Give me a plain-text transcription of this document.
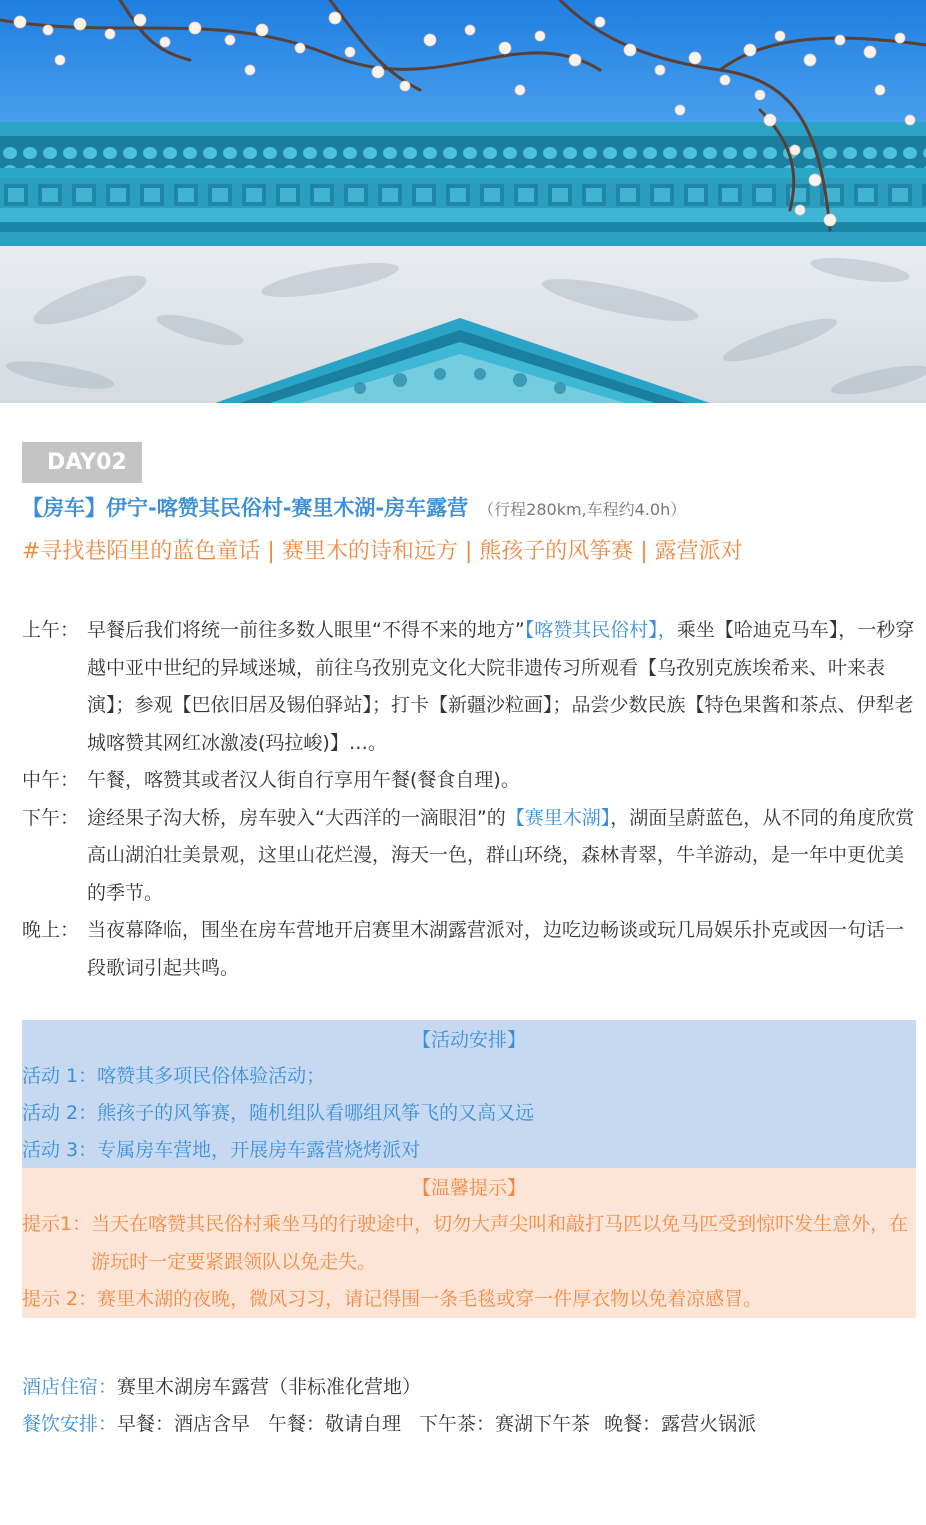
DAY02
【房车】伊宁-喀赞其民俗村-赛里木湖-房车露营 （行程280km,车程约4.0h）
#寻找巷陌里的蓝色童话 | 赛里木的诗和远方 | 熊孩子的风筝赛 | 露营派对
上午： 早餐后我们将统一前往多数人眼里“不得不来的地方”【喀赞其民俗村】，乘坐【哈迪克马车】，一秒穿越中亚中世纪的异域迷城，前往乌孜别克文化大院非遗传习所观看【乌孜别克族埃希来、叶来表演】；参观【巴依旧居及锡伯驿站】；打卡【新疆沙粒画】；品尝少数民族【特色果酱和茶点、伊犁老城喀赞其网红冰激凌(玛拉峻)】…。
中午： 午餐，喀赞其或者汉人街自行享用午餐(餐食自理)。
下午： 途经果子沟大桥，房车驶入“大西洋的一滴眼泪”的【赛里木湖】，湖面呈蔚蓝色，从不同的角度欣赏高山湖泊壮美景观，这里山花烂漫，海天一色，群山环绕，森林青翠，牛羊游动，是一年中更优美的季节。
晚上： 当夜幕降临，围坐在房车营地开启赛里木湖露营派对，边吃边畅谈或玩几局娱乐扑克或因一句话一段歌词引起共鸣。
【活动安排】
活动 1：喀赞其多项民俗体验活动；
活动 2：熊孩子的风筝赛，随机组队看哪组风筝飞的又高又远
活动 3：专属房车营地，开展房车露营烧烤派对
【温馨提示】
提示1： 当天在喀赞其民俗村乘坐马的行驶途中，切勿大声尖叫和敲打马匹以免马匹受到惊吓发生意外，在游玩时一定要紧跟领队以免走失。
提示 2：赛里木湖的夜晚，微风习习，请记得围一条毛毯或穿一件厚衣物以免着凉感冒。
酒店住宿：赛里木湖房车露营（非标准化营地）
餐饮安排：早餐：酒店含早 午餐：敬请自理 下午茶：赛湖下午茶 晚餐：露营火锅派
